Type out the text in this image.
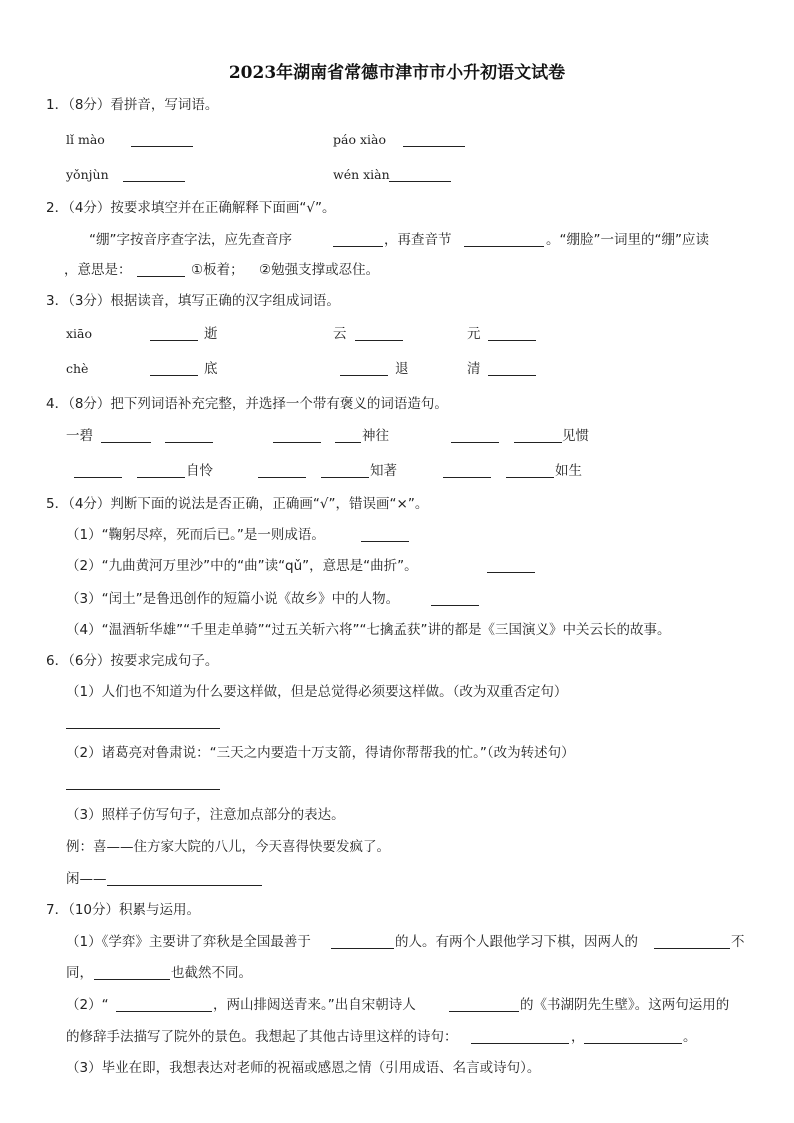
2023年湖南省常德市津市市小升初语文试卷
1．（8分）看拼音，写词语。
lǐ mào	páo xiào
yǒnjùn	wén xiàn
2．（4分）按要求填空并在正确解释下面画“√”。
“绷”字按音序查字法，应先查音序	，再查音节	。“绷脸”一词里的“绷”应读
，意思是：	①板着； ②勉强支撑或忍住。
3．（3分）根据读音，填写正确的汉字组成词语。
xiāo	逝	云	元
chè	底	退	清
4．（8分）把下列词语补充完整，并选择一个带有褒义的词语造句。
一碧	神往	见惯
自怜	知著	如生
5．（4分）判断下面的说法是否正确，正确画“√”，错误画“×”。
（1）“鞠躬尽瘁，死而后已。”是一则成语。
（2）“九曲黄河万里沙”中的“曲”读“qǔ”，意思是“曲折”。
（3）“闰土”是鲁迅创作的短篇小说《故乡》中的人物。
（4）“温酒斩华雄”“千里走单骑”“过五关斩六将”“七擒孟获”讲的都是《三国演义》中关云长的故事。
6．（6分）按要求完成句子。
（1）人们也不知道为什么要这样做，但是总觉得必须要这样做。（改为双重否定句）
（2）诸葛亮对鲁肃说：“三天之内要造十万支箭，得请你帮帮我的忙。”（改为转述句）
（3）照样子仿写句子，注意加点部分的表达。
例：喜——住方家大院的八儿，今天喜得快要发疯了。
闲——
7．（10分）积累与运用。
（1）《学弈》主要讲了弈秋是全国最善于	的人。有两个人跟他学习下棋，因两人的	不
同，	也截然不同。
（2）“	，两山排闼送青来。”出自宋朝诗人	的《书湖阴先生壁》。这两句运用的
的修辞手法描写了院外的景色。我想起了其他古诗里这样的诗句：	，	。
（3）毕业在即，我想表达对老师的祝福或感恩之情（引用成语、名言或诗句）。
